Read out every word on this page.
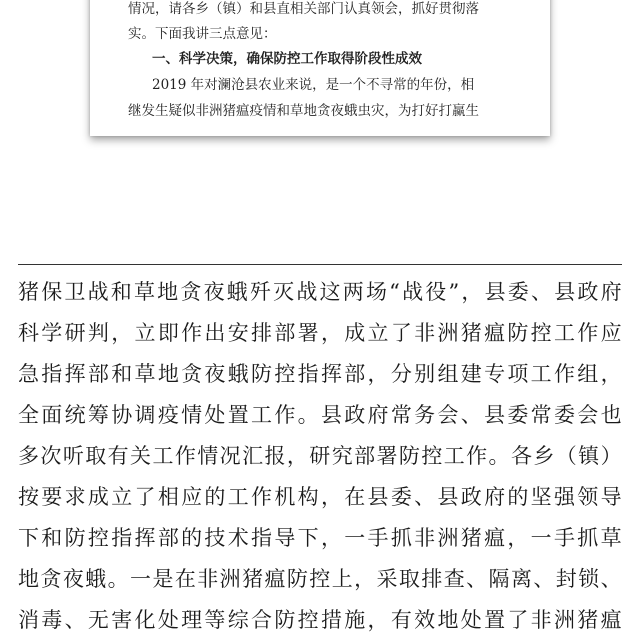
情况，请各乡（镇）和县直相关部门认真领会，抓好贯彻落
实。下面我讲三点意见：
一、科学决策，确保防控工作取得阶段性成效
2019 年对澜沧县农业来说，是一个不寻常的年份，相
继发生疑似非洲猪瘟疫情和草地贪夜蛾虫灾，为打好打赢生
猪保卫战和草地贪夜蛾歼灭战这两场“战役”，县委、县政府
科学研判，立即作出安排部署，成立了非洲猪瘟防控工作应
急指挥部和草地贪夜蛾防控指挥部，分别组建专项工作组，
全面统筹协调疫情处置工作。县政府常务会、县委常委会也
多次听取有关工作情况汇报，研究部署防控工作。各乡（镇）
按要求成立了相应的工作机构，在县委、县政府的坚强领导
下和防控指挥部的技术指导下，一手抓非洲猪瘟，一手抓草
地贪夜蛾。一是在非洲猪瘟防控上，采取排查、隔离、封锁、
消毒、无害化处理等综合防控措施，有效地处置了非洲猪瘟
